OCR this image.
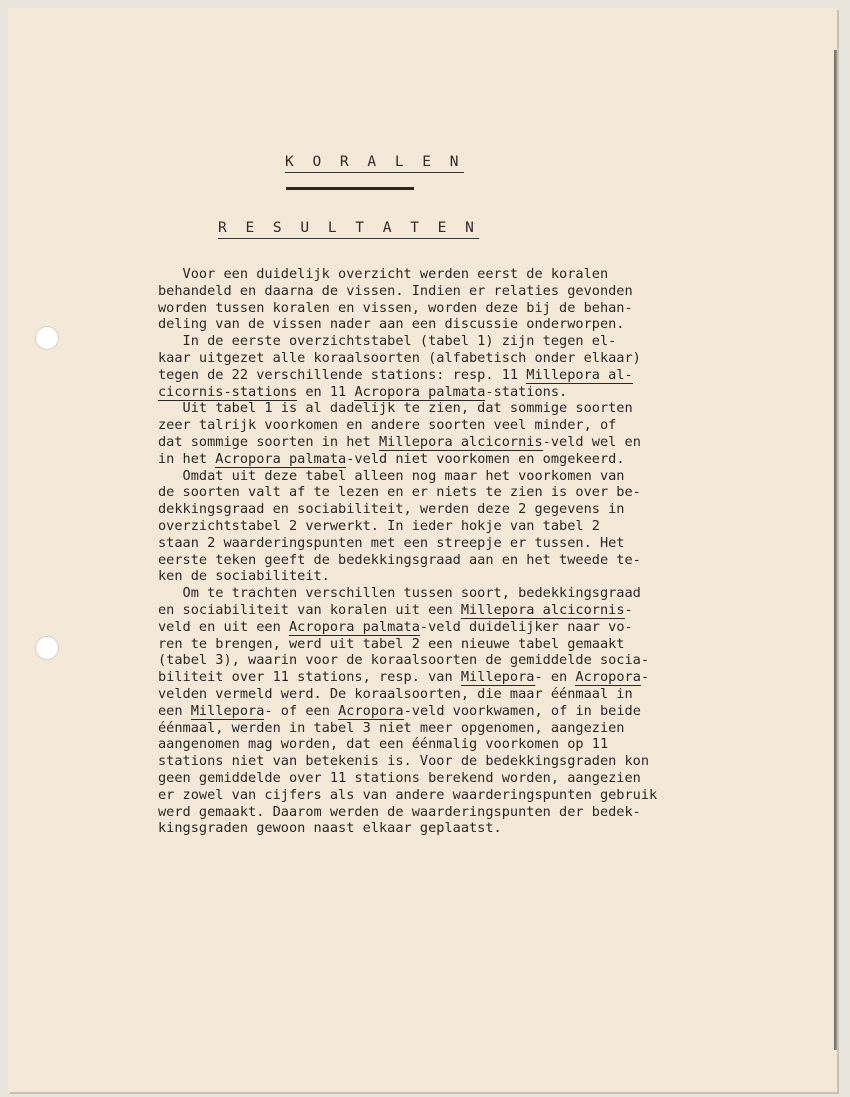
K O R A L E N
R E S U L T A T E N
Voor een duidelijk overzicht werden eerst de koralen
behandeld en daarna de vissen. Indien er relaties gevonden
worden tussen koralen en vissen, worden deze bij de behan-
deling van de vissen nader aan een discussie onderworpen.
In de eerste overzichtstabel (tabel 1) zijn tegen el-
kaar uitgezet alle koraalsoorten (alfabetisch onder elkaar)
tegen de 22 verschillende stations: resp. 11 Millepora al-
cicornis-stations en 11 Acropora palmata-stations.
Uit tabel 1 is al dadelijk te zien, dat sommige soorten
zeer talrijk voorkomen en andere soorten veel minder, of
dat sommige soorten in het Millepora alcicornis-veld wel en
in het Acropora palmata-veld niet voorkomen en omgekeerd.
Omdat uit deze tabel alleen nog maar het voorkomen van
de soorten valt af te lezen en er niets te zien is over be-
dekkingsgraad en sociabiliteit, werden deze 2 gegevens in
overzichtstabel 2 verwerkt. In ieder hokje van tabel 2
staan 2 waarderingspunten met een streepje er tussen. Het
eerste teken geeft de bedekkingsgraad aan en het tweede te-
ken de sociabiliteit.
Om te trachten verschillen tussen soort, bedekkingsgraad
en sociabiliteit van koralen uit een Millepora alcicornis-
veld en uit een Acropora palmata-veld duidelijker naar vo-
ren te brengen, werd uit tabel 2 een nieuwe tabel gemaakt
(tabel 3), waarin voor de koraalsoorten de gemiddelde socia-
biliteit over 11 stations, resp. van Millepora- en Acropora-
velden vermeld werd. De koraalsoorten, die maar éénmaal in
een Millepora- of een Acropora-veld voorkwamen, of in beide
éénmaal, werden in tabel 3 niet meer opgenomen, aangezien
aangenomen mag worden, dat een éénmalig voorkomen op 11
stations niet van betekenis is. Voor de bedekkingsgraden kon
geen gemiddelde over 11 stations berekend worden, aangezien
er zowel van cijfers als van andere waarderingspunten gebruik
werd gemaakt. Daarom werden de waarderingspunten der bedek-
kingsgraden gewoon naast elkaar geplaatst.
